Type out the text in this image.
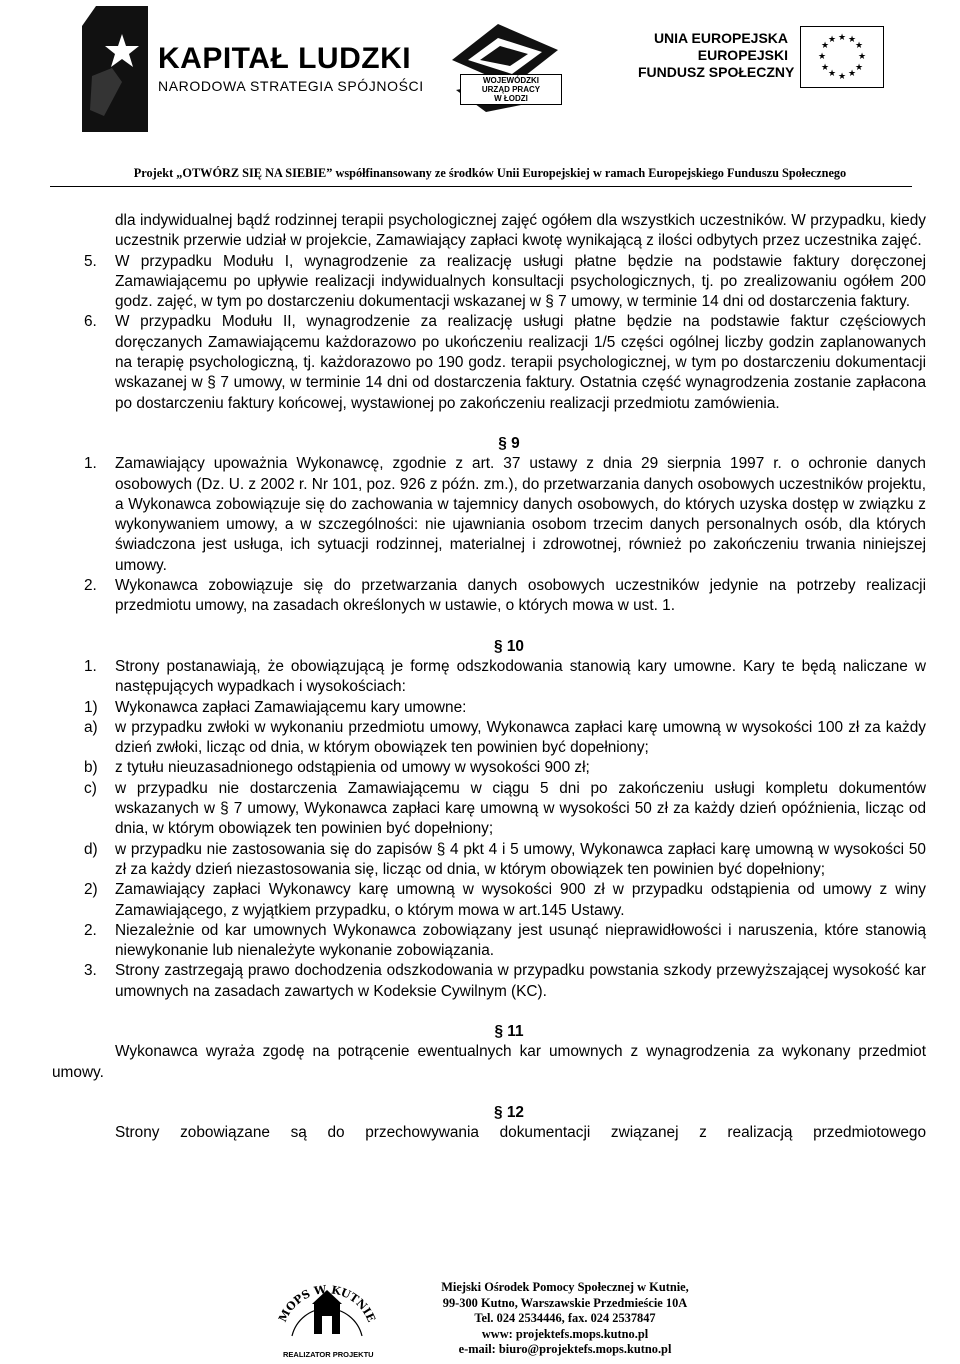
KAPITAŁ LUDZKI
NARODOWA STRATEGIA SPÓJNOŚCI	WOJEWÓDZKI
URZĄD PRACY
W ŁODZI
UNIA EUROPEJSKA
EUROPEJSKI
FUNDUSZ SPOŁECZNY
★ ★
★
★
★
★
★
★
★
★
★
★
Projekt „OTWÓRZ SIĘ NA SIEBIE” współfinansowany ze środków Unii Europejskiej w ramach Europejskiego Funduszu Społecznego

dla indywidualnej bądź rodzinnej terapii psychologicznej zajęć ogółem dla wszystkich uczestników. W przypadku, kiedy uczestnik przerwie udział w projekcie, Zamawiający zapłaci kwotę wynikającą z ilości odbytych przez uczestnika zajęć.

5.	W przypadku Modułu I, wynagrodzenie za realizację usługi płatne będzie na podstawie faktury doręczonej Zamawiającemu po upływie realizacji indywidualnych konsultacji psychologicznych, tj. po zrealizowaniu ogółem 200 godz. zajęć, w tym po dostarczeniu dokumentacji wskazanej w § 7 umowy, w terminie 14 dni od dostarczenia faktury.
6.	W przypadku Modułu II, wynagrodzenie za realizację usługi płatne będzie na podstawie faktur częściowych doręczanych Zamawiającemu każdorazowo po ukończeniu realizacji 1/5 części ogólnej liczby godzin zaplanowanych na terapię psychologiczną, tj. każdorazowo po 190 godz. terapii psychologicznej, w tym po dostarczeniu dokumentacji wskazanej w § 7 umowy, w terminie 14 dni od dostarczenia faktury. Ostatnia część wynagrodzenia zostanie zapłacona po dostarczeniu faktury końcowej, wystawionej po zakończeniu realizacji przedmiotu zamówienia.

§ 9

1.	Zamawiający upoważnia Wykonawcę, zgodnie z art. 37 ustawy z dnia 29 sierpnia 1997 r. o ochronie danych osobowych (Dz. U. z 2002 r. Nr 101, poz. 926 z późn. zm.), do przetwarzania danych osobowych uczestników projektu, a Wykonawca zobowiązuje się do zachowania w tajemnicy danych osobowych, do których uzyska dostęp w związku z wykonywaniem umowy, a w szczególności: nie ujawniania osobom trzecim danych personalnych osób, dla których świadczona jest usługa, ich sytuacji rodzinnej, materialnej i zdrowotnej, również po zakończeniu trwania niniejszej umowy.
2.	Wykonawca zobowiązuje się do przetwarzania danych osobowych uczestników jedynie na potrzeby realizacji przedmiotu umowy, na zasadach określonych w ustawie, o których mowa w ust. 1.

§ 10

1.	Strony postanawiają, że obowiązującą je formę odszkodowania stanowią kary umowne. Kary te będą naliczane w następujących wypadkach i wysokościach:
1)	Wykonawca zapłaci Zamawiającemu kary umowne:
a)	w przypadku zwłoki w wykonaniu przedmiotu umowy, Wykonawca zapłaci karę umowną w wysokości 100 zł za każdy dzień zwłoki, licząc od dnia, w którym obowiązek ten powinien być dopełniony;
b)	z tytułu nieuzasadnionego odstąpienia od umowy w wysokości 900 zł;
c)	w przypadku nie dostarczenia Zamawiającemu w ciągu 5 dni po zakończeniu usługi kompletu dokumentów wskazanych w § 7 umowy, Wykonawca zapłaci karę umowną w wysokości 50 zł za każdy dzień opóźnienia, licząc od dnia, w którym obowiązek ten powinien być dopełniony;
d)	w przypadku nie zastosowania się do zapisów § 4 pkt 4 i 5 umowy, Wykonawca zapłaci karę umowną w wysokości 50 zł za każdy dzień niezastosowania się, licząc od dnia, w którym obowiązek ten powinien być dopełniony;
2)	Zamawiający zapłaci Wykonawcy karę umowną w wysokości 900 zł w przypadku odstąpienia od umowy z winy Zamawiającego, z wyjątkiem przypadku, o którym mowa w art.145 Ustawy.
2.	Niezależnie od kar umownych Wykonawca zobowiązany jest usunąć nieprawidłowości i naruszenia, które stanowią niewykonanie lub nienależyte wykonanie zobowiązania.
3.	Strony zastrzegają prawo dochodzenia odszkodowania w przypadku powstania szkody przewyższającej wysokość kar umownych na zasadach zawartych w Kodeksie Cywilnym (KC).

§ 11

Wykonawca wyraża zgodę na potrącenie ewentualnych kar umownych z wynagrodzenia za wykonany przedmiot umowy.

§ 12

Strony zobowiązane są do przechowywania dokumentacji związanej z realizacją przedmiotowego

MOPS W KUTNIE
REALIZATOR PROJEKTU
Miejski Ośrodek Pomocy Społecznej w Kutnie,
99-300 Kutno, Warszawskie Przedmieście 10A
Tel. 024 2534446, fax. 024 2537847
www: projektefs.mops.kutno.pl
e-mail: biuro@projektefs.mops.kutno.pl
